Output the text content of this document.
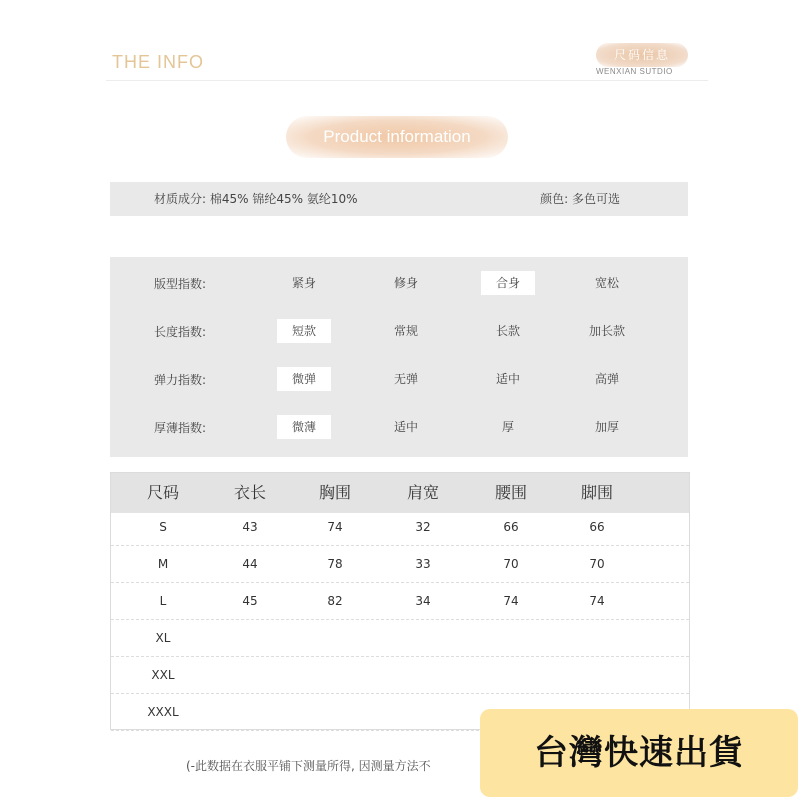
THE INFO	尺码信息
WENXIAN SUTDIO
Product information
材质成分: 棉45% 锦纶45% 氨纶10%	颜色: 多色可选
版型指数:	紧身	修身	合身	宽松
长度指数:	短款	常规	长款	加长款
弹力指数:	微弹	无弹	适中	高弹
厚薄指数:	微薄	适中	厚	加厚
尺码	衣长	胸围	肩宽	腰围	脚围
S	43	74	32	66	66
M	44	78	33	70	70
L	45	82	34	74	74
XL
XXL
XXXL
(-此数据在衣服平铺下测量所得, 因测量方法不	台灣快速出貨
